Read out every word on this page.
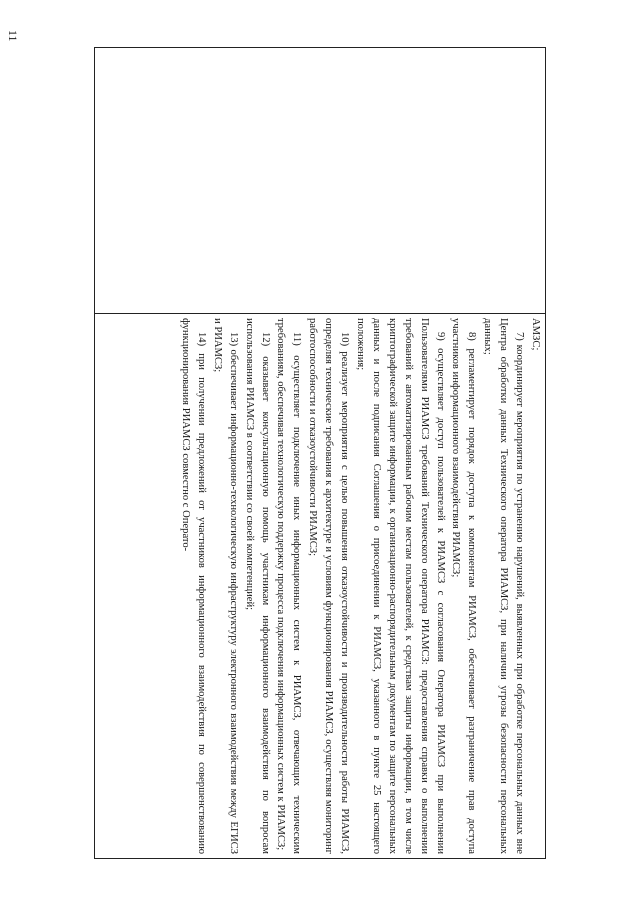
11

АМЗС;

7) координирует мероприятия по устранению нарушений, выявленных при обработке персональных данных вне Центра обработки данных Технического оператора РИАМСЗ, при наличии угрозы безопасности персональных данных;

8) регламентирует порядок доступа к компонентам РИАМСЗ, обеспечивает разграничение прав доступа участников информационного взаимодействия РИАМСЗ;

9) осуществляет доступ пользователей к РИАМСЗ с согласования Оператора РИАМСЗ при выполнении Пользователями РИАМСЗ требований Технического оператора РИАМСЗ: предоставления справки о выполнении требований к автоматизированным рабочим местам пользователей, к средствам защиты информации, в том числе криптографической защите информации, к организационно-распорядительным документам по защите персональных данных и после подписания Соглашения о присоединении к РИАМСЗ, указанного в пункте 25 настоящего положения;

10) реализует мероприятия с целью повышения отказоустойчивости и производительности работы РИАМСЗ, определяя технические требования к архитектуре и условиям функционирования РИАМСЗ, осуществляя мониторинг работоспособности и отказоустойчивости РИАМСЗ;

11) осуществляет подключение иных информационных систем к РИАМСЗ, отвечающих техническим требованиям, обеспечивая технологическую поддержку процесса подключения информационных систем к РИАМСЗ;

12) оказывает консультационную помощь участникам информационного взаимодействия по вопросам использования РИАМСЗ в соответствии со своей компетенцией;

13) обеспечивает информационно-технологическую инфраструктуру электронного взаимодействия между ЕГИСЗ и РИАМСЗ;

14) при получении предложений от участников информационного взаимодействия по совершенствованию функционирования РИАМСЗ совместно с Операто-
